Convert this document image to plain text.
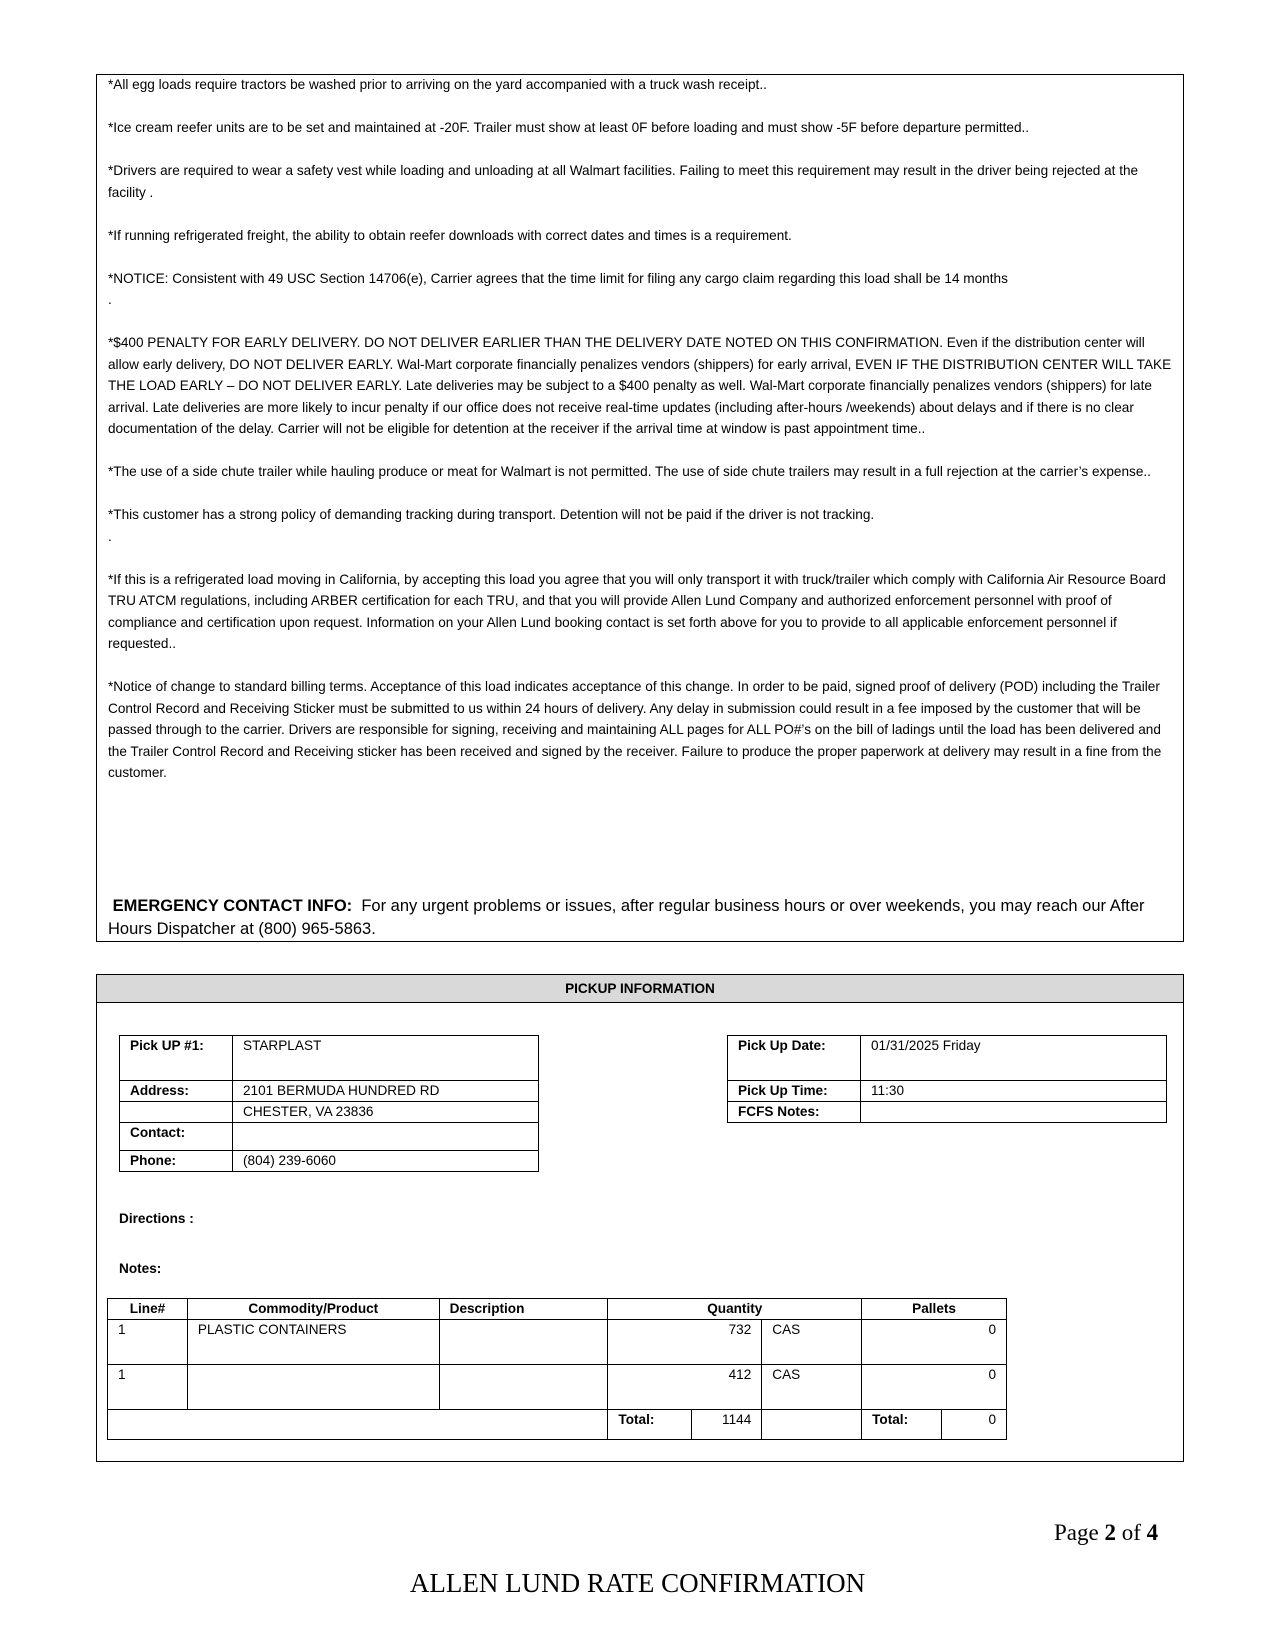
*All egg loads require tractors be washed prior to arriving on the yard accompanied with a truck wash receipt..

*Ice cream reefer units are to be set and maintained at -20F. Trailer must show at least 0F before loading and must show -5F before departure permitted..

*Drivers are required to wear a safety vest while loading and unloading at all Walmart facilities. Failing to meet this requirement may result in the driver being rejected at the facility .

*If running refrigerated freight, the ability to obtain reefer downloads with correct dates and times is a requirement.

*NOTICE: Consistent with 49 USC Section 14706(e), Carrier agrees that the time limit for filing any cargo claim regarding this load shall be 14 months
.

*$400 PENALTY FOR EARLY DELIVERY. DO NOT DELIVER EARLIER THAN THE DELIVERY DATE NOTED ON THIS CONFIRMATION. Even if the distribution center will allow early delivery, DO NOT DELIVER EARLY. Wal-Mart corporate financially penalizes vendors (shippers) for early arrival, EVEN IF THE DISTRIBUTION CENTER WILL TAKE THE LOAD EARLY – DO NOT DELIVER EARLY. Late deliveries may be subject to a $400 penalty as well. Wal-Mart corporate financially penalizes vendors (shippers) for late arrival. Late deliveries are more likely to incur penalty if our office does not receive real-time updates (including after-hours /weekends) about delays and if there is no clear documentation of the delay. Carrier will not be eligible for detention at the receiver if the arrival time at window is past appointment time..

*The use of a side chute trailer while hauling produce or meat for Walmart is not permitted. The use of side chute trailers may result in a full rejection at the carrier’s expense..

*This customer has a strong policy of demanding tracking during transport. Detention will not be paid if the driver is not tracking.
.

*If this is a refrigerated load moving in California, by accepting this load you agree that you will only transport it with truck/trailer which comply with California Air Resource Board TRU ATCM regulations, including ARBER certification for each TRU, and that you will provide Allen Lund Company and authorized enforcement personnel with proof of compliance and certification upon request. Information on your Allen Lund booking contact is set forth above for you to provide to all applicable enforcement personnel if requested..

*Notice of change to standard billing terms. Acceptance of this load indicates acceptance of this change. In order to be paid, signed proof of delivery (POD) including the Trailer Control Record and Receiving Sticker must be submitted to us within 24 hours of delivery. Any delay in submission could result in a fee imposed by the customer that will be passed through to the carrier. Drivers are responsible for signing, receiving and maintaining ALL pages for ALL PO#’s on the bill of ladings until the load has been delivered and the Trailer Control Record and Receiving sticker has been received and signed by the receiver. Failure to produce the proper paperwork at delivery may result in a fine from the customer.

EMERGENCY CONTACT INFO: For any urgent problems or issues, after regular business hours or over weekends, you may reach our After Hours Dispatcher at (800) 965-5863.
PICKUP INFORMATION
Pick UP #1:	STARPLAST
Address:	2101 BERMUDA HUNDRED RD
	CHESTER, VA 23836
Contact:	
Phone:	(804) 239-6060
Pick Up Date:	01/31/2025 Friday
Pick Up Time:	11:30
FCFS Notes:	
Directions :
Notes:
Line#	Commodity/Product	Description	Quantity			Pallets	
1	PLASTIC CONTAINERS		732		CAS	0	
1			412		CAS	0	
			Total:	1144		Total:	0
Page 2 of 4
ALLEN LUND RATE CONFIRMATION
